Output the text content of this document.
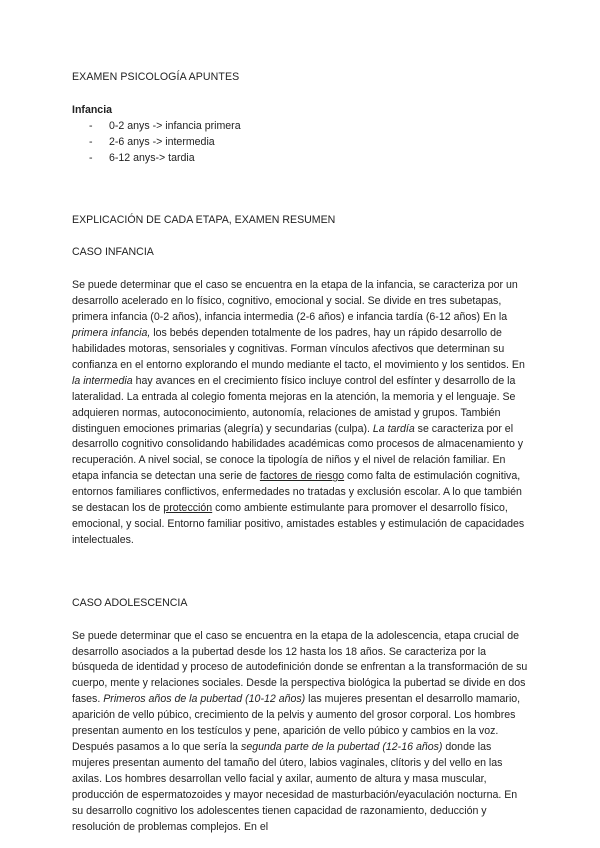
EXAMEN PSICOLOGÍA APUNTES
Infancia
- 0-2 anys -> infancia primera
- 2-6 anys -> intermedia
- 6-12 anys-> tardia
EXPLICACIÓN DE CADA ETAPA, EXAMEN RESUMEN
CASO INFANCIA

Se puede determinar que el caso se encuentra en la etapa de la infancia, se caracteriza por un desarrollo acelerado en lo físico, cognitivo, emocional y social. Se divide en tres subetapas, primera infancia (0-2 años), infancia intermedia (2-6 años) e infancia tardía (6-12 años) En la primera infancia, los bebés dependen totalmente de los padres, hay un rápido desarrollo de habilidades motoras, sensoriales y cognitivas. Forman vínculos afectivos que determinan su confianza en el entorno explorando el mundo mediante el tacto, el movimiento y los sentidos. En la intermedia hay avances en el crecimiento físico incluye control del esfínter y desarrollo de la lateralidad. La entrada al colegio fomenta mejoras en la atención, la memoria y el lenguaje. Se adquieren normas, autoconocimiento, autonomía, relaciones de amistad y grupos. También distinguen emociones primarias (alegría) y secundarias (culpa). La tardía se caracteriza por el desarrollo cognitivo consolidando habilidades académicas como procesos de almacenamiento y recuperación. A nivel social, se conoce la tipología de niños y el nivel de relación familiar. En etapa infancia se detectan una serie de factores de riesgo como falta de estimulación cognitiva, entornos familiares conflictivos, enfermedades no tratadas y exclusión escolar. A lo que también se destacan los de protección como ambiente estimulante para promover el desarrollo físico, emocional, y social. Entorno familiar positivo, amistades estables y estimulación de capacidades intelectuales.

CASO ADOLESCENCIA

Se puede determinar que el caso se encuentra en la etapa de la adolescencia, etapa crucial de desarrollo asociados a la pubertad desde los 12 hasta los 18 años. Se caracteriza por la búsqueda de identidad y proceso de autodefinición donde se enfrentan a la transformación de su cuerpo, mente y relaciones sociales. Desde la perspectiva biológica la pubertad se divide en dos fases. Primeros años de la pubertad (10-12 años) las mujeres presentan el desarrollo mamario, aparición de vello púbico, crecimiento de la pelvis y aumento del grosor corporal. Los hombres presentan aumento en los testículos y pene, aparición de vello púbico y cambios en la voz. Después pasamos a lo que sería la segunda parte de la pubertad (12-16 años) donde las mujeres presentan aumento del tamaño del útero, labios vaginales, clítoris y del vello en las axilas. Los hombres desarrollan vello facial y axilar, aumento de altura y masa muscular, producción de espermatozoides y mayor necesidad de masturbación/eyaculación nocturna. En su desarrollo cognitivo los adolescentes tienen capacidad de razonamiento, deducción y resolución de problemas complejos. En el
